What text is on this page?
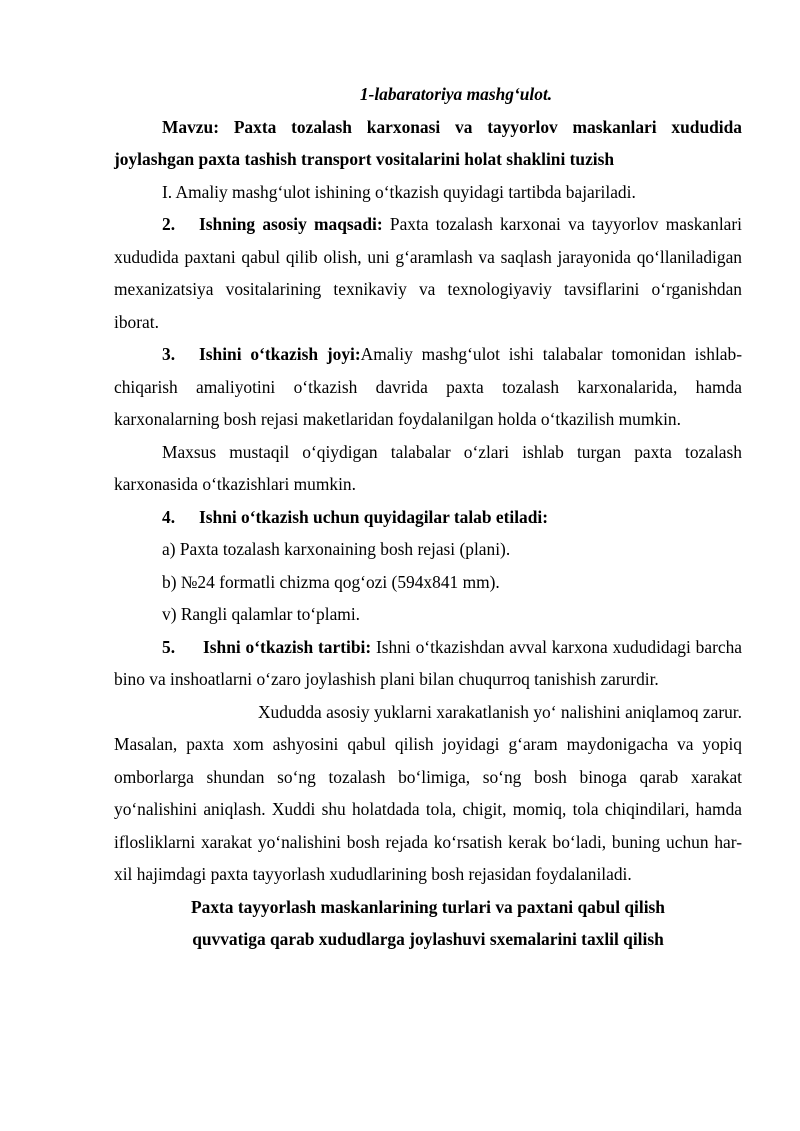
1-labaratoriya mashg‘ulot.

Mavzu: Paxta tozalash karxonasi va tayyorlov maskanlari xududida joylashgan paxta tashish transport vositalarini holat shaklini tuzish

I. Amaliy mashg‘ulot ishining o‘tkazish quyidagi tartibda bajariladi.

2. Ishning asosiy maqsadi: Paxta tozalash karxonai va tayyorlov maskanlari xududida paxtani qabul qilib olish, uni g‘aramlash va saqlash jarayonida qo‘llaniladigan mexanizatsiya vositalarining texnikaviy va texnologiyaviy tavsiflarini o‘rganishdan iborat.

3. Ishini o‘tkazish joyi:Amaliy mashg‘ulot ishi talabalar tomonidan ishlab- chiqarish amaliyotini o‘tkazish davrida paxta tozalash karxonalarida, hamda karxonalarning bosh rejasi maketlaridan foydalanilgan holda o‘tkazilish mumkin.

Maxsus mustaqil o‘qiydigan talabalar o‘zlari ishlab turgan paxta tozalash karxonasida o‘tkazishlari mumkin.

4. Ishni o‘tkazish uchun quyidagilar talab etiladi:

a) Paxta tozalash karxonaining bosh rejasi (plani).

b) №24 formatli chizma qog‘ozi (594x841 mm).

v) Rangli qalamlar to‘plami.

5. Ishni o‘tkazish tartibi: Ishni o‘tkazishdan avval karxona xududidagi barcha bino va inshoatlarni o‘zaro joylashish plani bilan chuqurroq tanishish zarurdir.

Xududda asosiy yuklarni xarakatlanish yo‘ nalishini aniqlamoq zarur. Masalan, paxta xom ashyosini qabul qilish joyidagi g‘aram maydonigacha va yopiq omborlarga shundan so‘ng tozalash bo‘limiga, so‘ng bosh binoga qarab xarakat yo‘nalishini aniqlash. Xuddi shu holatdada tola, chigit, momiq, tola chiqindilari, hamda iflosliklarni xarakat yo‘nalishini bosh rejada ko‘rsatish kerak bo‘ladi, buning uchun har-xil hajimdagi paxta tayyorlash xududlarining bosh rejasidan foydalaniladi.

Paxta tayyorlash maskanlarining turlari va paxtani qabul qilish

quvvatiga qarab xududlarga joylashuvi sxemalarini taxlil qilish
